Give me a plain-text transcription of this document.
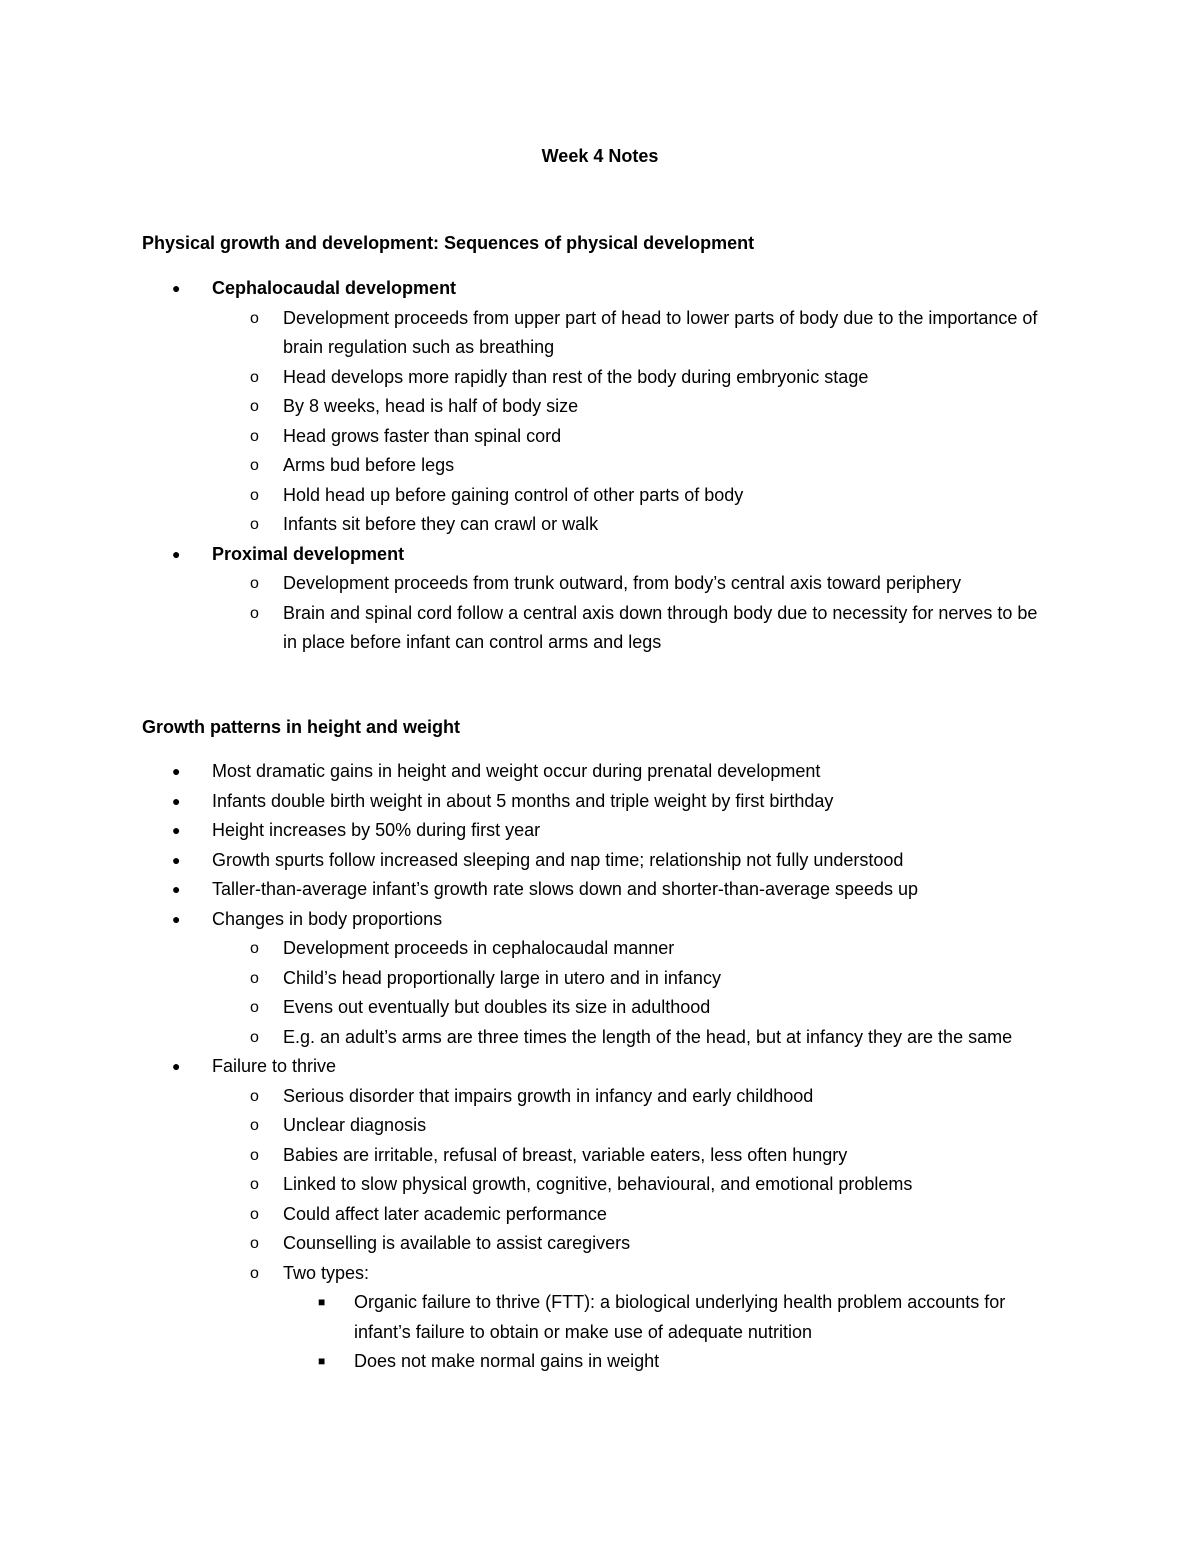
Week 4 Notes
Physical growth and development: Sequences of physical development
● Cephalocaudal development
o Development proceeds from upper part of head to lower parts of body due to the importance of brain regulation such as breathing
o Head develops more rapidly than rest of the body during embryonic stage
o By 8 weeks, head is half of body size
o Head grows faster than spinal cord
o Arms bud before legs
o Hold head up before gaining control of other parts of body
o Infants sit before they can crawl or walk
● Proximal development
o Development proceeds from trunk outward, from body’s central axis toward periphery
o Brain and spinal cord follow a central axis down through body due to necessity for nerves to be in place before infant can control arms and legs
Growth patterns in height and weight
● Most dramatic gains in height and weight occur during prenatal development
● Infants double birth weight in about 5 months and triple weight by first birthday
● Height increases by 50% during first year
● Growth spurts follow increased sleeping and nap time; relationship not fully understood
● Taller-than-average infant’s growth rate slows down and shorter-than-average speeds up
● Changes in body proportions
o Development proceeds in cephalocaudal manner
o Child’s head proportionally large in utero and in infancy
o Evens out eventually but doubles its size in adulthood
o E.g. an adult’s arms are three times the length of the head, but at infancy they are the same
● Failure to thrive
o Serious disorder that impairs growth in infancy and early childhood
o Unclear diagnosis
o Babies are irritable, refusal of breast, variable eaters, less often hungry
o Linked to slow physical growth, cognitive, behavioural, and emotional problems
o Could affect later academic performance
o Counselling is available to assist caregivers
o Two types:
■ Organic failure to thrive (FTT): a biological underlying health problem accounts for infant’s failure to obtain or make use of adequate nutrition
■ Does not make normal gains in weight
